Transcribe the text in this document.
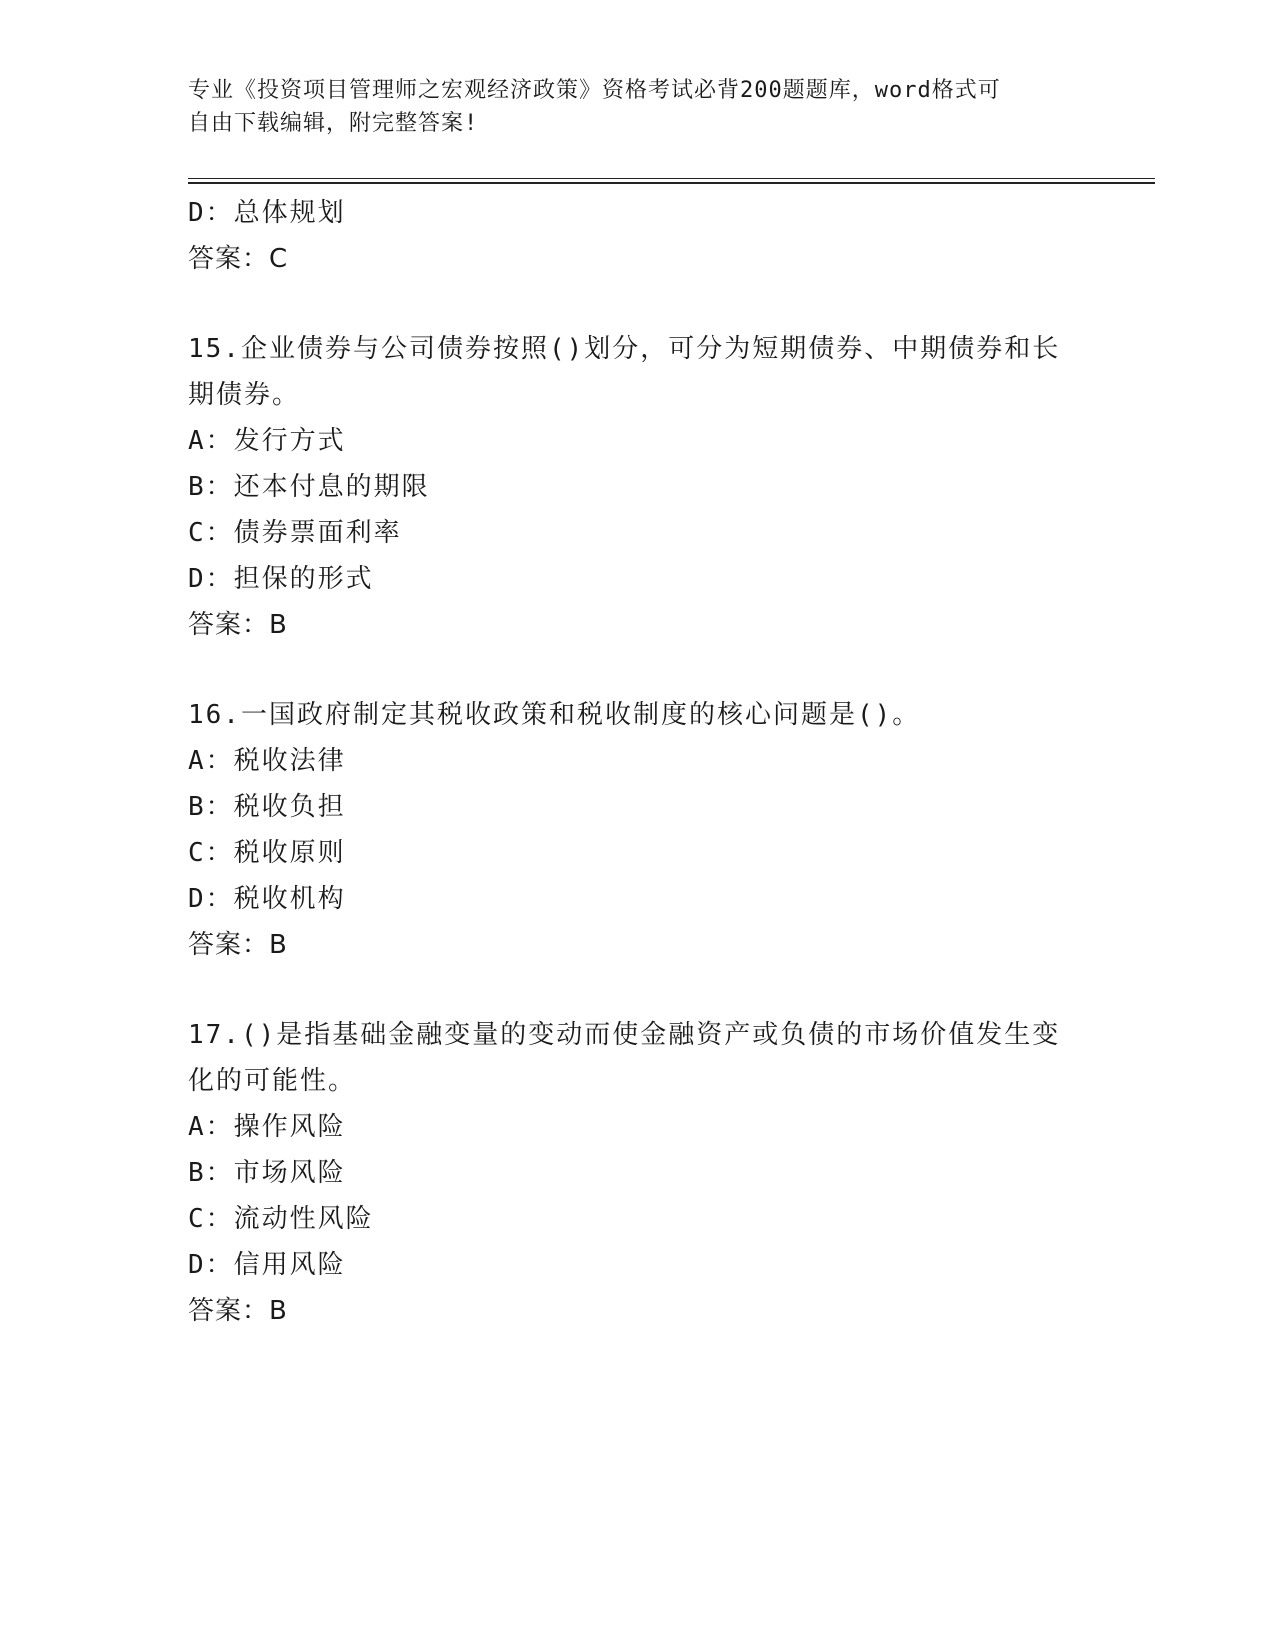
专业《投资项目管理师之宏观经济政策》资格考试必背200题题库，word格式可
自由下载编辑，附完整答案!
D：总体规划
答案：C
15.企业债券与公司债券按照()划分，可分为短期债券、中期债券和长
期债券。
A：发行方式
B：还本付息的期限
C：债券票面利率
D：担保的形式
答案：B
16.一国政府制定其税收政策和税收制度的核心问题是()。
A：税收法律
B：税收负担
C：税收原则
D：税收机构
答案：B
17.()是指基础金融变量的变动而使金融资产或负债的市场价值发生变
化的可能性。
A：操作风险
B：市场风险
C：流动性风险
D：信用风险
答案：B
